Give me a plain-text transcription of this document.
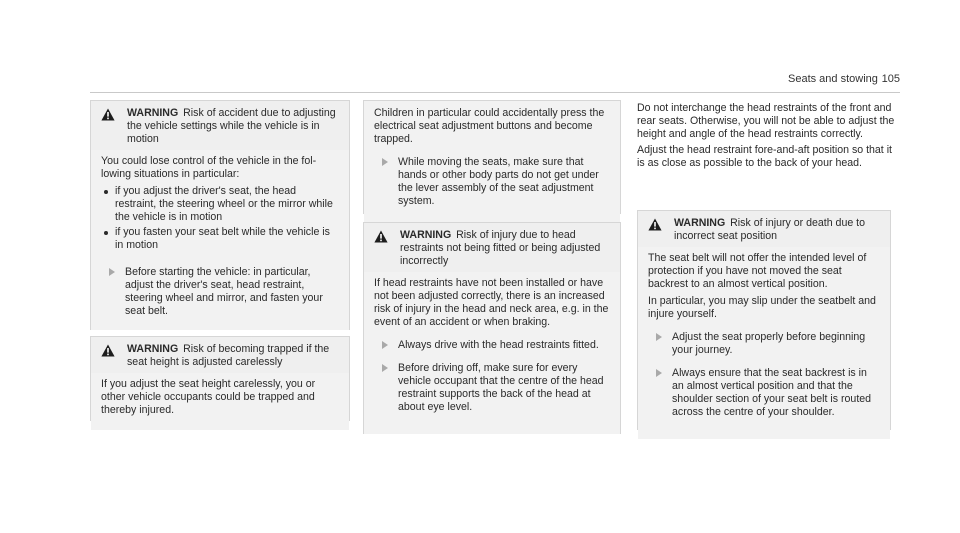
Seats and stowing 105
WARNING Risk of accident due to adjusting the vehicle settings while the vehicle is in motion

You could lose control of the vehicle in the following situations in particular:

if you adjust the driver's seat, the head restraint, the steering wheel or the mirror while the vehicle is in motion
if you fasten your seat belt while the vehicle is in motion
Before starting the vehicle: in particular, adjust the driver's seat, head restraint, steering wheel and mirror, and fasten your seat belt.
WARNING Risk of becoming trapped if the seat height is adjusted carelessly

If you adjust the seat height carelessly, you or other vehicle occupants could be trapped and thereby injured.

Children in particular could accidentally press the electrical seat adjustment buttons and become trapped.

While moving the seats, make sure that hands or other body parts do not get under the lever assembly of the seat adjustment system.
WARNING Risk of injury due to head restraints not being fitted or being adjusted incorrectly

If head restraints have not been installed or have not been adjusted correctly, there is an increased risk of injury in the head and neck area, e.g. in the event of an accident or when braking.

Always drive with the head restraints fitted.
Before driving off, make sure for every vehicle occupant that the centre of the head restraint supports the back of the head at about eye level.

Do not interchange the head restraints of the front and rear seats. Otherwise, you will not be able to adjust the height and angle of the head restraints correctly.

Adjust the head restraint fore-and-aft position so that it is as close as possible to the back of your head.

WARNING Risk of injury or death due to incorrect seat position

The seat belt will not offer the intended level of protection if you have not moved the seat backrest to an almost vertical position.

In particular, you may slip under the seatbelt and injure yourself.

Adjust the seat properly before beginning your journey.
Always ensure that the seat backrest is in an almost vertical position and that the shoulder section of your seat belt is routed across the centre of your shoulder.
